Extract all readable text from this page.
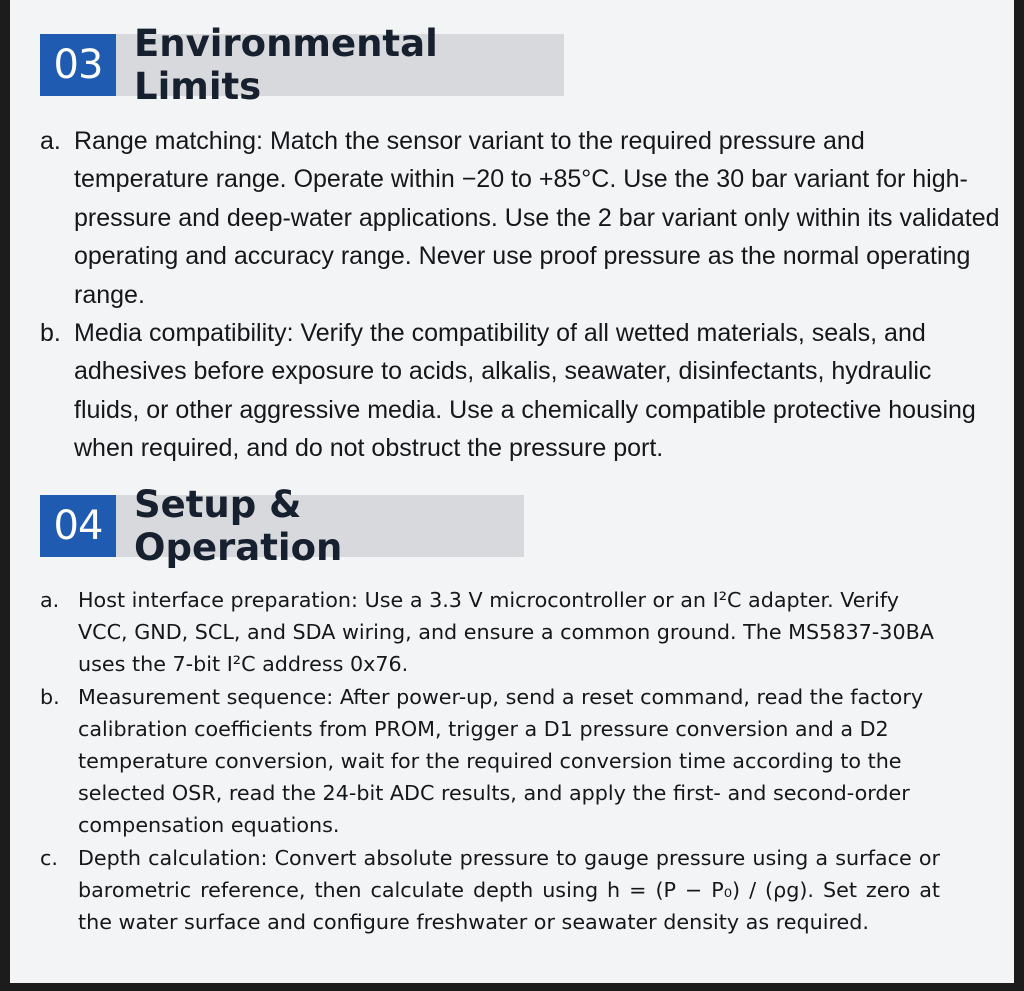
03 Environmental Limits
a. Range matching: Match the sensor variant to the required pressure and temperature range. Operate within −20 to +85°C. Use the 30 bar variant for high-pressure and deep-water applications. Use the 2 bar variant only within its validated operating and accuracy range. Never use proof pressure as the normal operating range.
b. Media compatibility: Verify the compatibility of all wetted materials, seals, and adhesives before exposure to acids, alkalis, seawater, disinfectants, hydraulic fluids, or other aggressive media. Use a chemically compatible protective housing when required, and do not obstruct the pressure port.
04 Setup & Operation
a. Host interface preparation: Use a 3.3 V microcontroller or an I²C adapter. Verify VCC, GND, SCL, and SDA wiring, and ensure a common ground. The MS5837-30BA uses the 7-bit I²C address 0x76.
b. Measurement sequence: After power-up, send a reset command, read the factory calibration coefficients from PROM, trigger a D1 pressure conversion and a D2 temperature conversion, wait for the required conversion time according to the selected OSR, read the 24-bit ADC results, and apply the first- and second-order compensation equations.
c. Depth calculation: Convert absolute pressure to gauge pressure using a surface or barometric reference, then calculate depth using h = (P − P₀) / (ρg). Set zero at the water surface and configure freshwater or seawater density as required.
